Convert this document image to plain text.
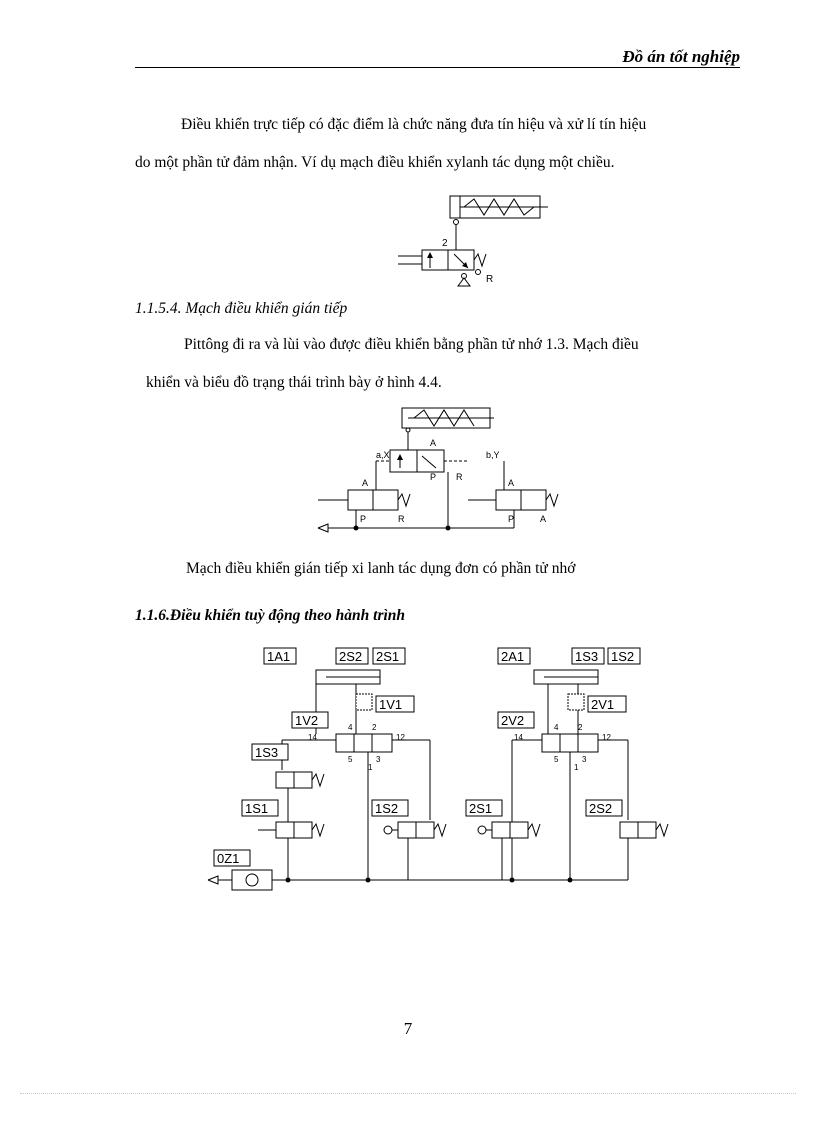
Đồ án tốt nghiệp
Điều khiển trực tiếp có đặc điểm là chức năng đưa tín hiệu và xử lí tín hiệu
do một phần tử đảm nhận. Ví dụ mạch điều khiển xylanh tác dụng một chiều.
2
R
1.1.5.4. Mạch điều khiển gián tiếp
Pittông đi ra và lùi vào được điều khiển bằng phần tử nhớ 1.3. Mạch điều
khiển và biểu đồ trạng thái trình bày ở hình 4.4.
A
a,X	b,Y
P R
A
P	R
A
P	A
Mạch điều khiển gián tiếp xi lanh tác dụng đơn có phần tử nhớ
1.1.6.Điều khiển tuỳ động theo hành trình
1A1	2S2 2S1
1V1
1V2
14	12
4 2
5	3
1
1S3
1S1	1S2
2A1	1S3 1S2
2V1
2V2
14	12
4 2
5	3
1
2S1	2S2
0Z1
7
